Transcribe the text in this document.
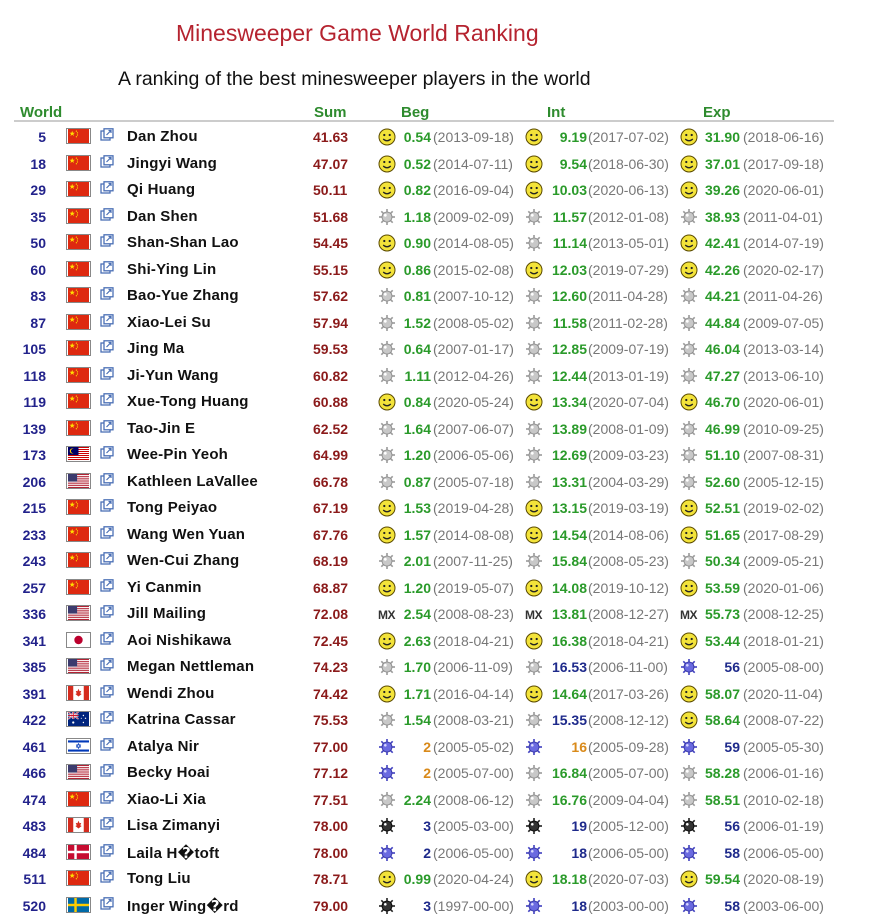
Minesweeper Game World Ranking
A ranking of the best minesweeper players in the world
World	Sum	Beg	Int	Exp
5	Dan Zhou	41.63	0.54 (2013-09-18)	9.19 (2017-07-02)	31.90 (2018-06-16)
18	Jingyi Wang	47.07	0.52 (2014-07-11)	9.54 (2018-06-30)	37.01 (2017-09-18)
29	Qi Huang	50.11	0.82 (2016-09-04)	10.03 (2020-06-13)	39.26 (2020-06-01)
35	Dan Shen	51.68	1.18 (2009-02-09)	11.57 (2012-01-08)	38.93 (2011-04-01)
50	Shan-Shan Lao	54.45	0.90 (2014-08-05)	11.14 (2013-05-01)	42.41 (2014-07-19)
60	Shi-Ying Lin	55.15	0.86 (2015-02-08)	12.03 (2019-07-29)	42.26 (2020-02-17)
83	Bao-Yue Zhang	57.62	0.81 (2007-10-12)	12.60 (2011-04-28)	44.21 (2011-04-26)
87	Xiao-Lei Su	57.94	1.52 (2008-05-02)	11.58 (2011-02-28)	44.84 (2009-07-05)
105	Jing Ma	59.53	0.64 (2007-01-17)	12.85 (2009-07-19)	46.04 (2013-03-14)
118	Ji-Yun Wang	60.82	1.11 (2012-04-26)	12.44 (2013-01-19)	47.27 (2013-06-10)
119	Xue-Tong Huang	60.88	0.84 (2020-05-24)	13.34 (2020-07-04)	46.70 (2020-06-01)
139	Tao-Jin E	62.52	1.64 (2007-06-07)	13.89 (2008-01-09)	46.99 (2010-09-25)
173	Wee-Pin Yeoh	64.99	1.20 (2006-05-06)	12.69 (2009-03-23)	51.10 (2007-08-31)
206	Kathleen LaVallee	66.78	0.87 (2005-07-18)	13.31 (2004-03-29)	52.60 (2005-12-15)
215	Tong Peiyao	67.19	1.53 (2019-04-28)	13.15 (2019-03-19)	52.51 (2019-02-02)
233	Wang Wen Yuan	67.76	1.57 (2014-08-08)	14.54 (2014-08-06)	51.65 (2017-08-29)
243	Wen-Cui Zhang	68.19	2.01 (2007-11-25)	15.84 (2008-05-23)	50.34 (2009-05-21)
257	Yi Canmin	68.87	1.20 (2019-05-07)	14.08 (2019-10-12)	53.59 (2020-01-06)
336	Jill Mailing	72.08 MX 2.54 (2008-08-23) MX 13.81 (2008-12-27) MX 55.73 (2008-12-25)
341	Aoi Nishikawa	72.45	2.63 (2018-04-21)	16.38 (2018-04-21)	53.44 (2018-01-21)
385	Megan Nettleman	74.23	1.70 (2006-11-09)	16.53 (2006-11-00)	56 (2005-08-00)
391	Wendi Zhou	74.42	1.71 (2016-04-14)	14.64 (2017-03-26)	58.07 (2020-11-04)
422	Katrina Cassar	75.53	1.54 (2008-03-21)	15.35 (2008-12-12)	58.64 (2008-07-22)
461	Atalya Nir	77.00	2 (2005-05-02)	16 (2005-09-28)	59 (2005-05-30)
466	Becky Hoai	77.12	2 (2005-07-00)	16.84 (2005-07-00)	58.28 (2006-01-16)
474	Xiao-Li Xia	77.51	2.24 (2008-06-12)	16.76 (2009-04-04)	58.51 (2010-02-18)
483	Lisa Zimanyi	78.00	3 (2005-03-00)	19 (2005-12-00)	56 (2006-01-19)
484	Laila H�toft	78.00	2 (2006-05-00)	18 (2006-05-00)	58 (2006-05-00)
511	Tong Liu	78.71	0.99 (2020-04-24)	18.18 (2020-07-03)	59.54 (2020-08-19)
520	Inger Wing�rd	79.00	3 (1997-00-00)	18 (2003-00-00)	58 (2003-06-00)
